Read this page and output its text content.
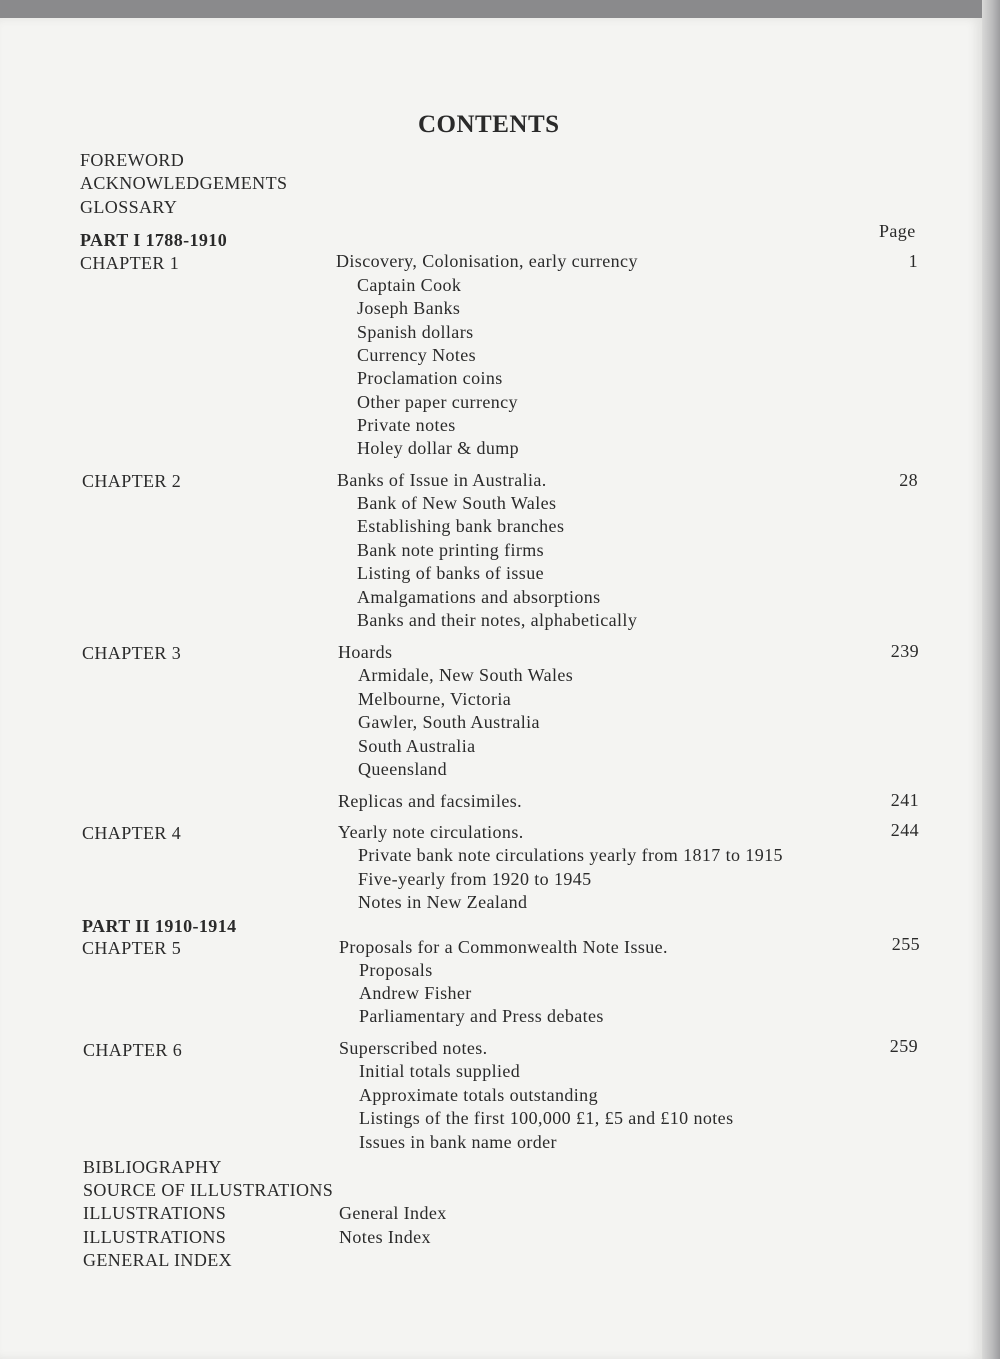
CONTENTS
FOREWORD
ACKNOWLEDGEMENTS
GLOSSARY
Page
PART I 1788-1910
CHAPTER 1	Discovery, Colonisation, early currency	1
Captain Cook
Joseph Banks
Spanish dollars
Currency Notes
Proclamation coins
Other paper currency
Private notes
Holey dollar & dump
CHAPTER 2	Banks of Issue in Australia.	28
Bank of New South Wales
Establishing bank branches
Bank note printing firms
Listing of banks of issue
Amalgamations and absorptions
Banks and their notes, alphabetically
CHAPTER 3	Hoards	239
Armidale, New South Wales
Melbourne, Victoria
Gawler, South Australia
South Australia
Queensland
Replicas and facsimiles.	241
CHAPTER 4	Yearly note circulations.	244
Private bank note circulations yearly from 1817 to 1915
Five-yearly from 1920 to 1945
Notes in New Zealand
PART II 1910-1914
CHAPTER 5	Proposals for a Commonwealth Note Issue.	255
Proposals
Andrew Fisher
Parliamentary and Press debates
CHAPTER 6	Superscribed notes.	259
Initial totals supplied
Approximate totals outstanding
Listings of the first 100,000 £1, £5 and £10 notes
Issues in bank name order
BIBLIOGRAPHY
SOURCE OF ILLUSTRATIONS
ILLUSTRATIONS	General Index
ILLUSTRATIONS	Notes Index
GENERAL INDEX
